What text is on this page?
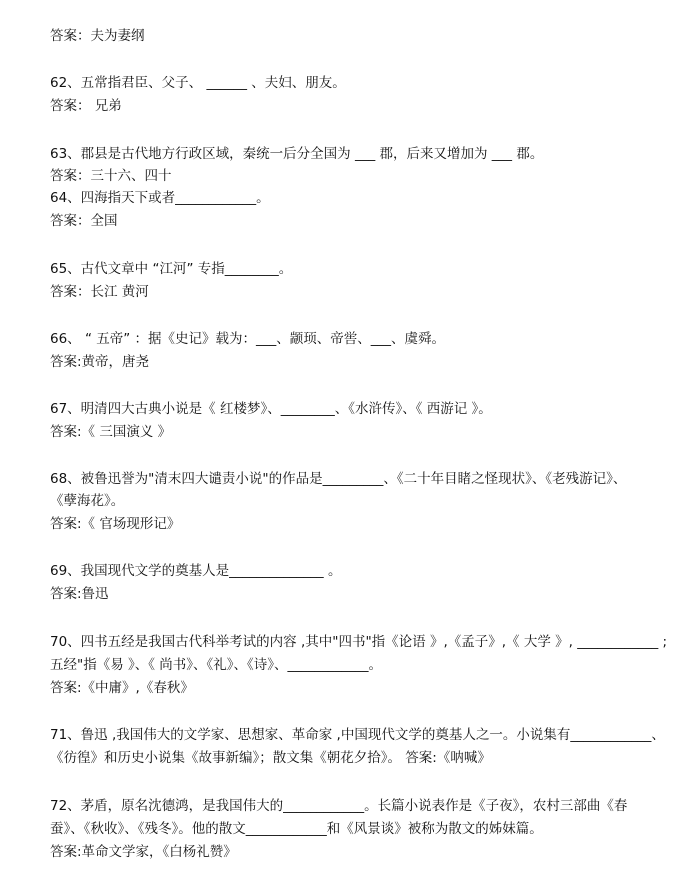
答案：夫为妻纲
62、五常指君臣、父子、 ______ 、夫妇、朋友。
答案： 兄弟
63、郡县是古代地方行政区域，秦统一后分全国为 ___ 郡，后来又增加为 ___ 郡。
答案：三十六、四十
64、四海指天下或者____________。
答案：全国
65、古代文章中 “江河” 专指________。
答案：长江 黄河
66、 “ 五帝” ：据《史记》载为：___、颛顼、帝喾、___、虞舜。
答案:黄帝，唐尧
67、明清四大古典小说是《 红楼梦》、________、《水浒传》、《 西游记 》。
答案:《 三国演义 》
68、被鲁迅誉为"清末四大谴责小说"的作品是_________、《二十年目睹之怪现状》、《老残游记》、
《孽海花》。
答案:《 官场现形记》
69、我国现代文学的奠基人是______________ 。
答案:鲁迅
70、四书五经是我国古代科举考试的内容 ,其中"四书"指《论语 》,《孟子》,《 大学 》, ____________ ;
五经"指《易 》、《 尚书》、《礼》、《诗》、____________。
答案:《中庸》,《春秋》
71、鲁迅 ,我国伟大的文学家、思想家、革命家 ,中国现代文学的奠基人之一。小说集有____________、
《彷徨》和历史小说集《故事新编》；散文集《朝花夕拾》。 答案:《呐喊》
72、茅盾，原名沈德鸿，是我国伟大的____________。长篇小说表作是《子夜》，农村三部曲《春
蚕》、《秋收》、《残冬》。他的散文____________和《风景谈》被称为散文的姊妹篇。
答案:革命文学家，《白杨礼赞》
